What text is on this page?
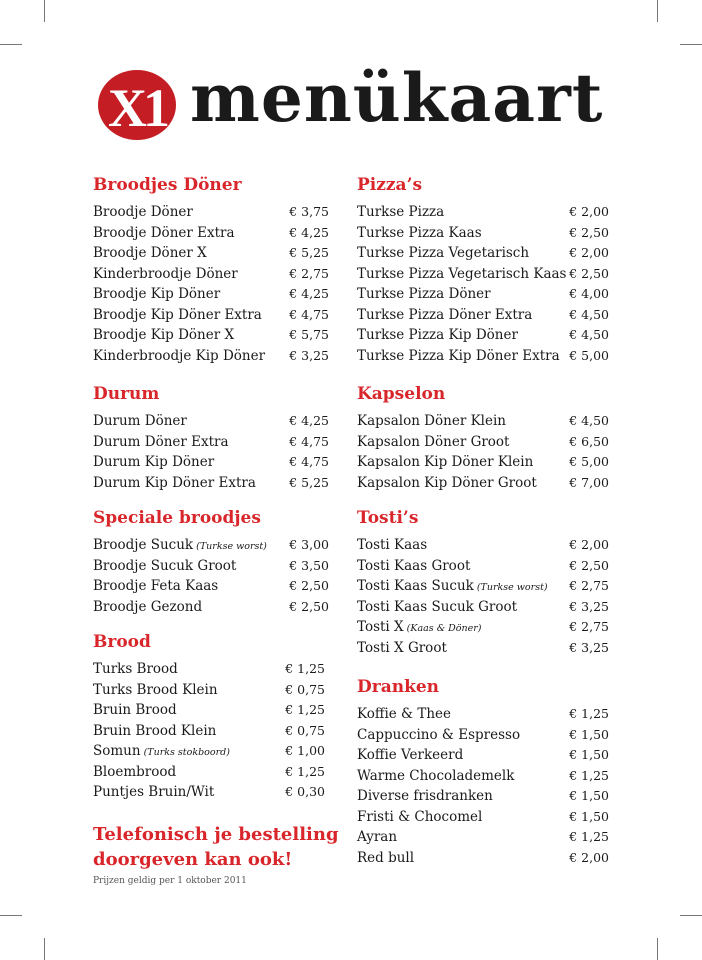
X1 menükaart
Broodjes Döner
Broodje Döner	€ 3,75
Broodje Döner Extra	€ 4,25
Broodje Döner X	€ 5,25
Kinderbroodje Döner	€ 2,75
Broodje Kip Döner	€ 4,25
Broodje Kip Döner Extra € 4,75
Broodje Kip Döner X	€ 5,75
Kinderbroodje Kip Döner € 3,25
Durum
Durum Döner	€ 4,25
Durum Döner Extra	€ 4,75
Durum Kip Döner	€ 4,75
Durum Kip Döner Extra	€ 5,25
Speciale broodjes
Broodje Sucuk (Turkse worst) € 3,00
Broodje Sucuk Groot	€ 3,50
Broodje Feta Kaas	€ 2,50
Broodje Gezond	€ 2,50
Brood
Turks Brood	€ 1,25
Turks Brood Klein	€ 0,75
Bruin Brood	€ 1,25
Bruin Brood Klein	€ 0,75
Somun (Turks stokboord)	€ 1,00
Bloembrood	€ 1,25
Puntjes Bruin/Wit	€ 0,30
Pizza’s
Turkse Pizza	€ 2,00
Turkse Pizza Kaas	€ 2,50
Turkse Pizza Vegetarisch	€ 2,00
Turkse Pizza Vegetarisch Kaas € 2,50
Turkse Pizza Döner	€ 4,00
Turkse Pizza Döner Extra	€ 4,50
Turkse Pizza Kip Döner	€ 4,50
Turkse Pizza Kip Döner Extra € 5,00
Kapselon
Kapsalon Döner Klein	€ 4,50
Kapsalon Döner Groot	€ 6,50
Kapsalon Kip Döner Klein	€ 5,00
Kapsalon Kip Döner Groot	€ 7,00
Tosti’s
Tosti Kaas	€ 2,00
Tosti Kaas Groot	€ 2,50
Tosti Kaas Sucuk (Turkse worst) € 2,75
Tosti Kaas Sucuk Groot	€ 3,25
Tosti X (Kaas & Döner)	€ 2,75
Tosti X Groot	€ 3,25
Dranken
Koffie & Thee	€ 1,25
Cappuccino & Espresso	€ 1,50
Koffie Verkeerd	€ 1,50
Warme Chocolademelk	€ 1,25
Diverse frisdranken	€ 1,50
Fristi & Chocomel	€ 1,50
Ayran	€ 1,25
Red bull	€ 2,00
Telefonisch je bestelling
doorgeven kan ook!
Prijzen geldig per 1 oktober 2011
